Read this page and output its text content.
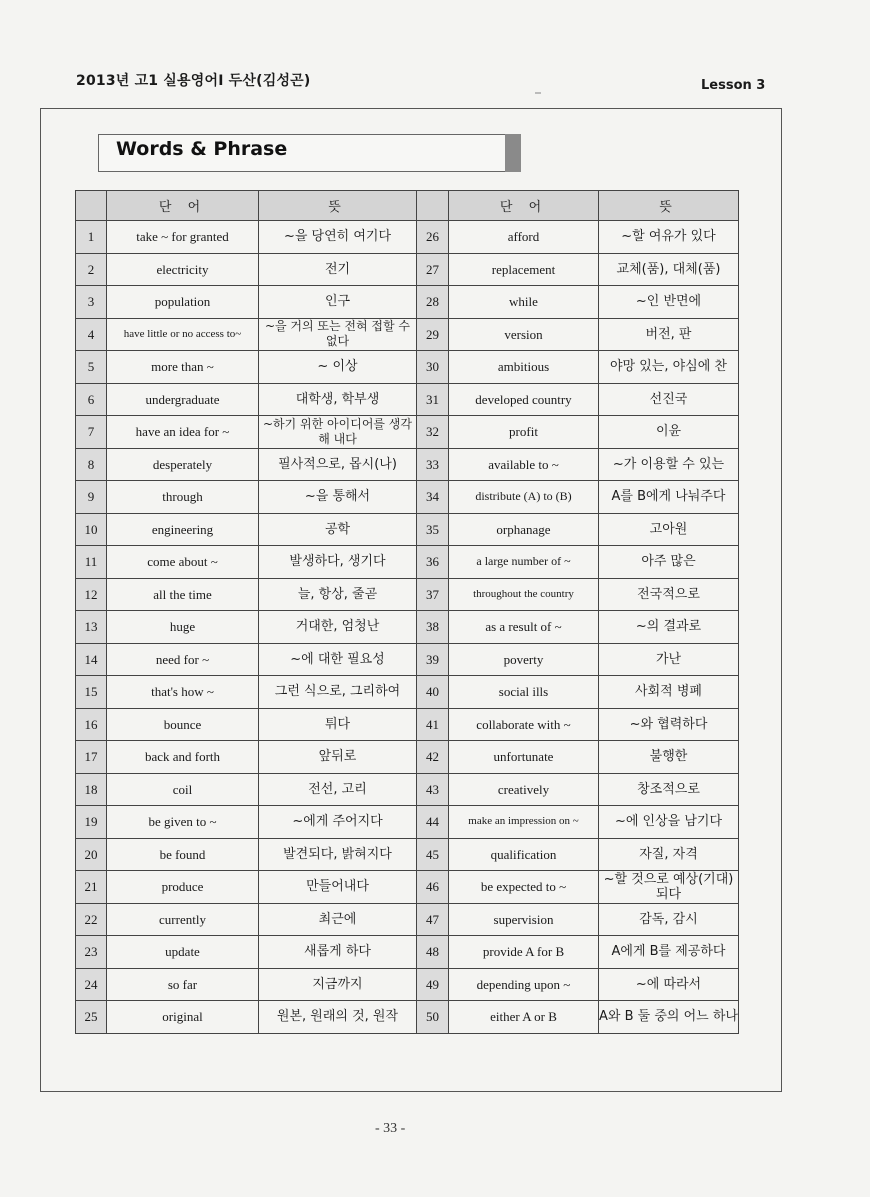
2013년 고1 실용영어I 두산(김성곤)	Lesson 3
Words & Phrase
	단 어	뜻		단 어	뜻
1	take ~ for granted	~을 당연히 여기다	26	afford	~할 여유가 있다
2	electricity	전기	27	replacement	교체(품), 대체(품)
3	population	인구	28	while	~인 반면에
4	have little or no access to~	~을 거의 또는 전혀 접할 수 없다	29	version	버전, 판
5	more than ~	~ 이상	30	ambitious	야망 있는, 야심에 찬
6	undergraduate	대학생, 학부생	31	developed country	선진국
7	have an idea for ~	~하기 위한 아이디어를 생각해 내다	32	profit	이윤
8	desperately	필사적으로, 몹시(나)	33	available to ~	~가 이용할 수 있는
9	through	~을 통해서	34	distribute (A) to (B)	A를 B에게 나눠주다
10	engineering	공학	35	orphanage	고아원
11	come about ~	발생하다, 생기다	36	a large number of ~	아주 많은
12	all the time	늘, 항상, 줄곧	37	throughout the country	전국적으로
13	huge	거대한, 엄청난	38	as a result of ~	~의 결과로
14	need for ~	~에 대한 필요성	39	poverty	가난
15	that's how ~	그런 식으로, 그리하여	40	social ills	사회적 병폐
16	bounce	튀다	41	collaborate with ~	~와 협력하다
17	back and forth	앞뒤로	42	unfortunate	불행한
18	coil	전선, 고리	43	creatively	창조적으로
19	be given to ~	~에게 주어지다	44	make an impression on ~	~에 인상을 남기다
20	be found	발견되다, 밝혀지다	45	qualification	자질, 자격
21	produce	만들어내다	46	be expected to ~	~할 것으로 예상(기대)되다
22	currently	최근에	47	supervision	감독, 감시
23	update	새롭게 하다	48	provide A for B	A에게 B를 제공하다
24	so far	지금까지	49	depending upon ~	~에 따라서
25	original	원본, 원래의 것, 원작	50	either A or B	A와 B 둘 중의 어느 하나
- 33 -
